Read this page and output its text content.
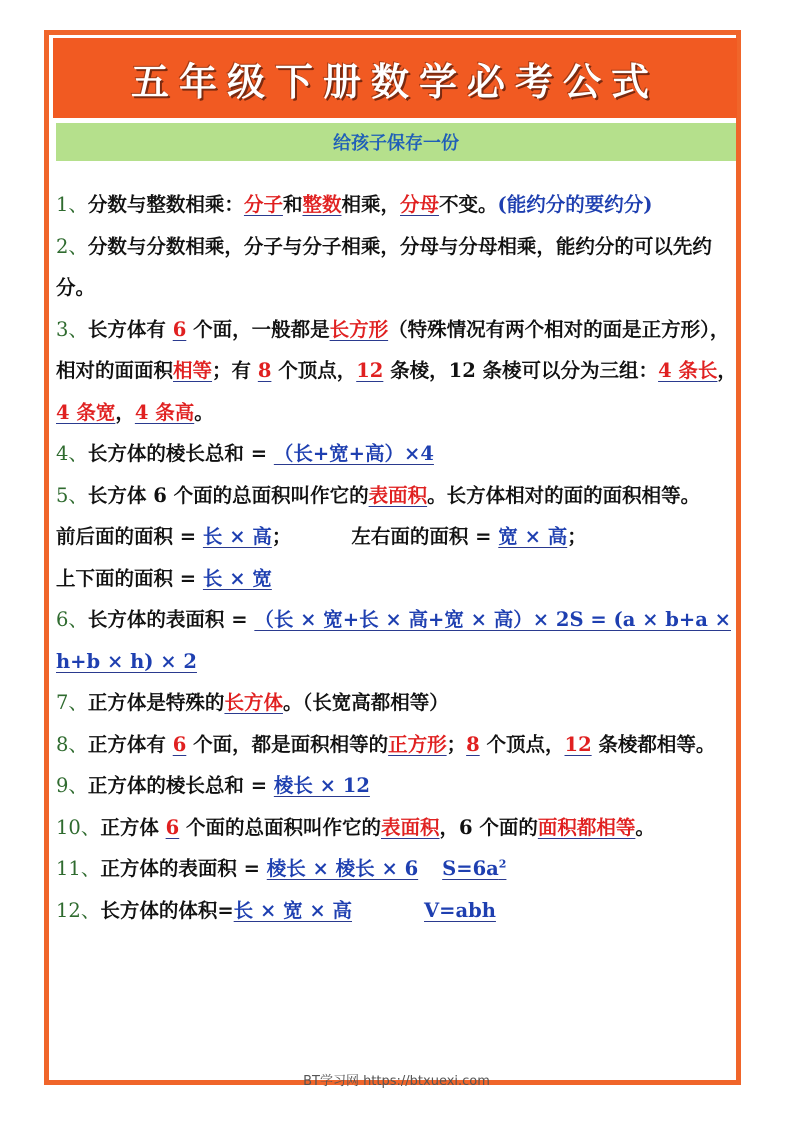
五年级下册数学必考公式
给孩子保存一份

1、分数与整数相乘：分子和整数相乘，分母不变。(能约分的要约分)

2、分数与分数相乘，分子与分子相乘，分母与分母相乘，能约分的可以先约分。

3、长方体有 6 个面，一般都是长方形（特殊情况有两个相对的面是正方形），相对的面面积相等；有 8 个顶点，12 条棱，12 条棱可以分为三组：4 条长，4 条宽，4 条高。

4、长方体的棱长总和 = （长+宽+高）×4

5、长方体 6 个面的总面积叫作它的表面积。长方体相对的面的面积相等。

前后面的面积 = 长 × 高；	左右面的面积 = 宽 × 高；

上下面的面积 = 长 × 宽

6、长方体的表面积 = （长 × 宽+长 × 高+宽 × 高）× 2S = (a × b+a × h+b × h) × 2

7、正方体是特殊的长方体。（长宽高都相等）

8、正方体有 6 个面，都是面积相等的正方形；8 个顶点，12 条棱都相等。

9、正方体的棱长总和 = 棱长 × 12

10、正方体 6 个面的总面积叫作它的表面积，6 个面的面积都相等。

11、正方体的表面积 = 棱长 × 棱长 × 6 $S=6a^2$

12、长方体的体积=长 × 宽 × 高	V=abh

BT学习网 https://btxuexi.com
